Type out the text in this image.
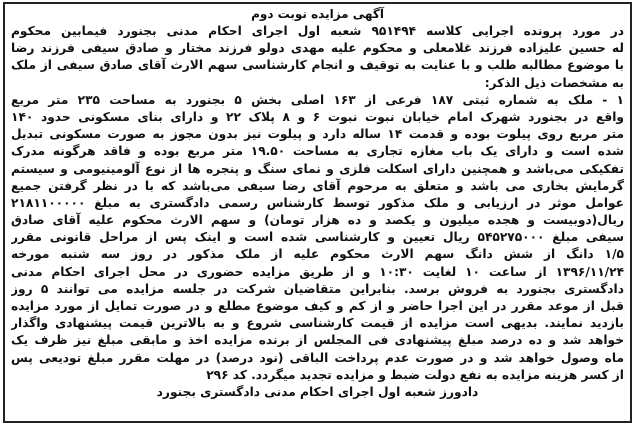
آگهی مزایده نوبت دوم
در مورد پرونده اجرایی کلاسه ۹۵۱۴۹۴ شعبه اول اجرای احکام مدنی بجنورد فیمابین محکوم
له حسین علیزاده فرزند غلامعلی و محکوم علیه مهدی دولو فرزند مختار و صادق سیفی فرزند رضا
با موضوع مطالبه طلب و با عنایت به توقیف و انجام کارشناسی سهم الارث آقای صادق سیفی از ملک
به مشخصات ذیل الذکر:
۱ - ملک به شماره ثبتی ۱۸۷ فرعی از ۱۶۳ اصلی بخش ۵ بجنورد به مساحت ۲۳۵ متر مربع
واقع در بجنورد شهرک امام خیابان نبوت نبوت ۶ و ۸ پلاک ۲۲ و دارای بنای مسکونی حدود ۱۴۰
متر مربع روی پیلوت بوده و قدمت ۱۴ ساله دارد و پیلوت نیز بدون مجوز به صورت مسکونی تبدیل
شده است و دارای یک باب مغازه تجاری به مساحت ۱۹.۵۰ متر مربع بوده و فاقد هرگونه مدرک
تفکیکی می‌باشد و همچنین دارای اسکلت فلزی و نمای سنگ و پنجره ها از نوع آلومینیومی و سیستم
گرمایش بخاری می باشد و متعلق به مرحوم آقای رضا سیفی می‌باشد که با در نظر گرفتن جمیع
عوامل موثر در ارزیابی و ملک مذکور توسط کارشناس رسمی دادگستری به مبلغ ۲۱۸۱۱۰۰۰۰۰
ریال(دوبیست و هجده میلیون و یکصد و ده هزار تومان) و سهم الارث محکوم علیه آقای صادق
سیفی مبلغ ۵۴۵۲۷۵۰۰۰ ریال تعیین و کارشناسی شده است و اینک پس از مراحل قانونی مقرر
۱/۵ دانگ از شش دانگ سهم الارث محکوم علیه از ملک مذکور در روز سه شنبه مورخه
۱۳۹۶/۱۱/۲۴ از ساعت ۱۰ لغایت ۱۰:۳۰ و از طریق مزایده حضوری در محل اجرای احکام مدنی
دادگستری بجنورد به فروش برسد. بنابراین متقاضیان شرکت در جلسه مزایده می توانند ۵ روز
قبل از موعد مقرر در این اجرا حاضر و از کم و کیف موضوع مطلع و در صورت تمایل از مورد مزایده
بازدید نمایند. بدیهی است مزایده از قیمت کارشناسی شروع و به بالاترین قیمت پیشنهادی واگذار
خواهد شد و ده درصد مبلغ پیشنهادی فی المجلس از برنده مزایده اخذ و مابقی مبلغ نیز ظرف یک
ماه وصول خواهد شد و در صورت عدم پرداخت الباقی (نود درصد) در مهلت مقرر مبلغ تودیعی پس
از کسر هزینه مزایده به نفع دولت ضبط و مزایده تجدید میگردد. کد ۲۹۶
دادورز شعبه اول اجرای احکام مدنی دادگستری بجنورد
